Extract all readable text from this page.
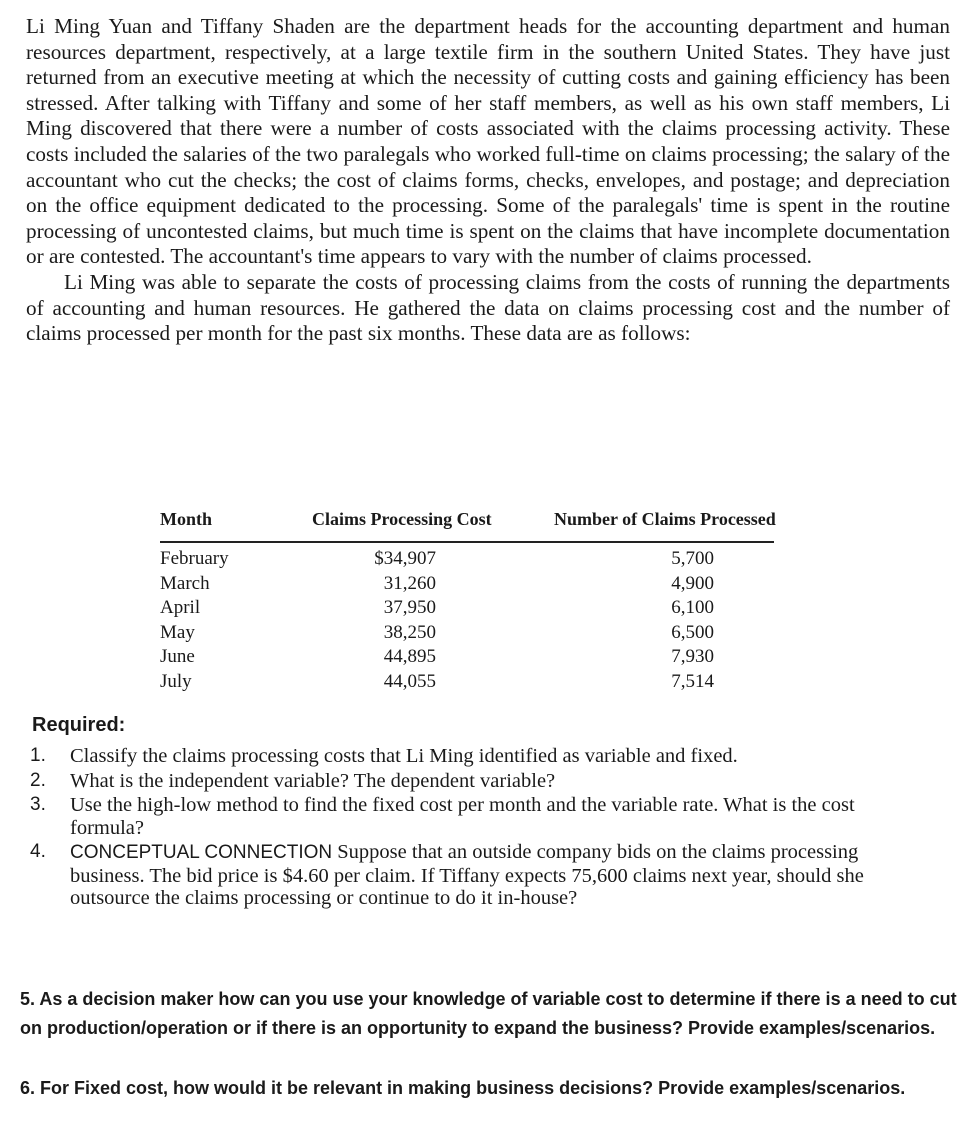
Li Ming Yuan and Tiffany Shaden are the department heads for the accounting department and human resources department, respectively, at a large textile firm in the southern United States. They have just returned from an executive meeting at which the necessity of cutting costs and gaining efficiency has been stressed. After talking with Tiffany and some of her staff members, as well as his own staff members, Li Ming discovered that there were a number of costs associated with the claims processing activity. These costs included the salaries of the two paralegals who worked full-time on claims processing; the salary of the accountant who cut the checks; the cost of claims forms, checks, envelopes, and postage; and depreciation on the office equipment dedicated to the processing. Some of the paralegals' time is spent in the routine processing of uncontested claims, but much time is spent on the claims that have incomplete documentation or are contested. The accountant's time appears to vary with the number of claims processed.

Li Ming was able to separate the costs of processing claims from the costs of running the departments of accounting and human resources. He gathered the data on claims processing cost and the number of claims processed per month for the past six months. These data are as follows:

Month	Claims Processing Cost	Number of Claims Processed
February
March
April
May
June
July
$34,907
31,260
37,950
38,250
44,895
44,055
5,700
4,900
6,100
6,500
7,930
7,514
Required:
1. Classify the claims processing costs that Li Ming identified as variable and fixed.
2. What is the independent variable? The dependent variable?
3. Use the high-low method to find the fixed cost per month and the variable rate. What is the cost formula?
4. CONCEPTUAL CONNECTION Suppose that an outside company bids on the claims processing business. The bid price is $4.60 per claim. If Tiffany expects 75,600 claims next year, should she outsource the claims processing or continue to do it in-house?

5. As a decision maker how can you use your knowledge of variable cost to determine if there is a need to cut on production/operation or if there is an opportunity to expand the business? Provide examples/scenarios.

6. For Fixed cost, how would it be relevant in making business decisions? Provide examples/scenarios.
